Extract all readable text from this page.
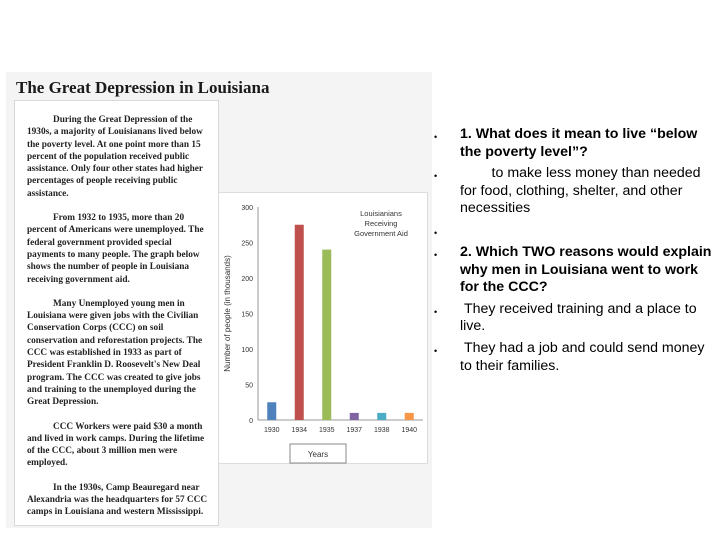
The Great Depression in Louisiana

During the Great Depression of the 1930s, a majority of Louisianans lived below the poverty level. At one point more than 15 percent of the population received public assistance. Only four other states had higher percentages of people receiving public assistance.

From 1932 to 1935, more than 20 percent of Americans were unemployed. The federal government provided special payments to many people. The graph below shows the number of people in Louisiana receiving government aid.

Many Unemployed young men in Louisiana were given jobs with the Civilian Conservation Corps (CCC) on soil conservation and reforestation projects. The CCC was established in 1933 as part of President Franklin D. Roosevelt's New Deal program. The CCC was created to give jobs and training to the unemployed during the Great Depression.

CCC Workers were paid $30 a month and lived in work camps. During the lifetime of the CCC, about 3 million men were employed.

In the 1930s, Camp Beauregard near Alexandria was the headquarters for 57 CCC camps in Louisiana and western Mississippi.

Number of people (in thousands)
0
50
100
150
200
250
300
1930 1934 1935 1937 1938 1940
Louisianians
Receiving
Government Aid
Years
• 1. What does it mean to live “below the poverty level”?
• to make less money than needed for food, clothing, shelter, and other necessities
•
• 2. Which TWO reasons would explain why men in Louisiana went to work for the CCC?
• They received training and a place to live.
• They had a job and could send money to their families.
